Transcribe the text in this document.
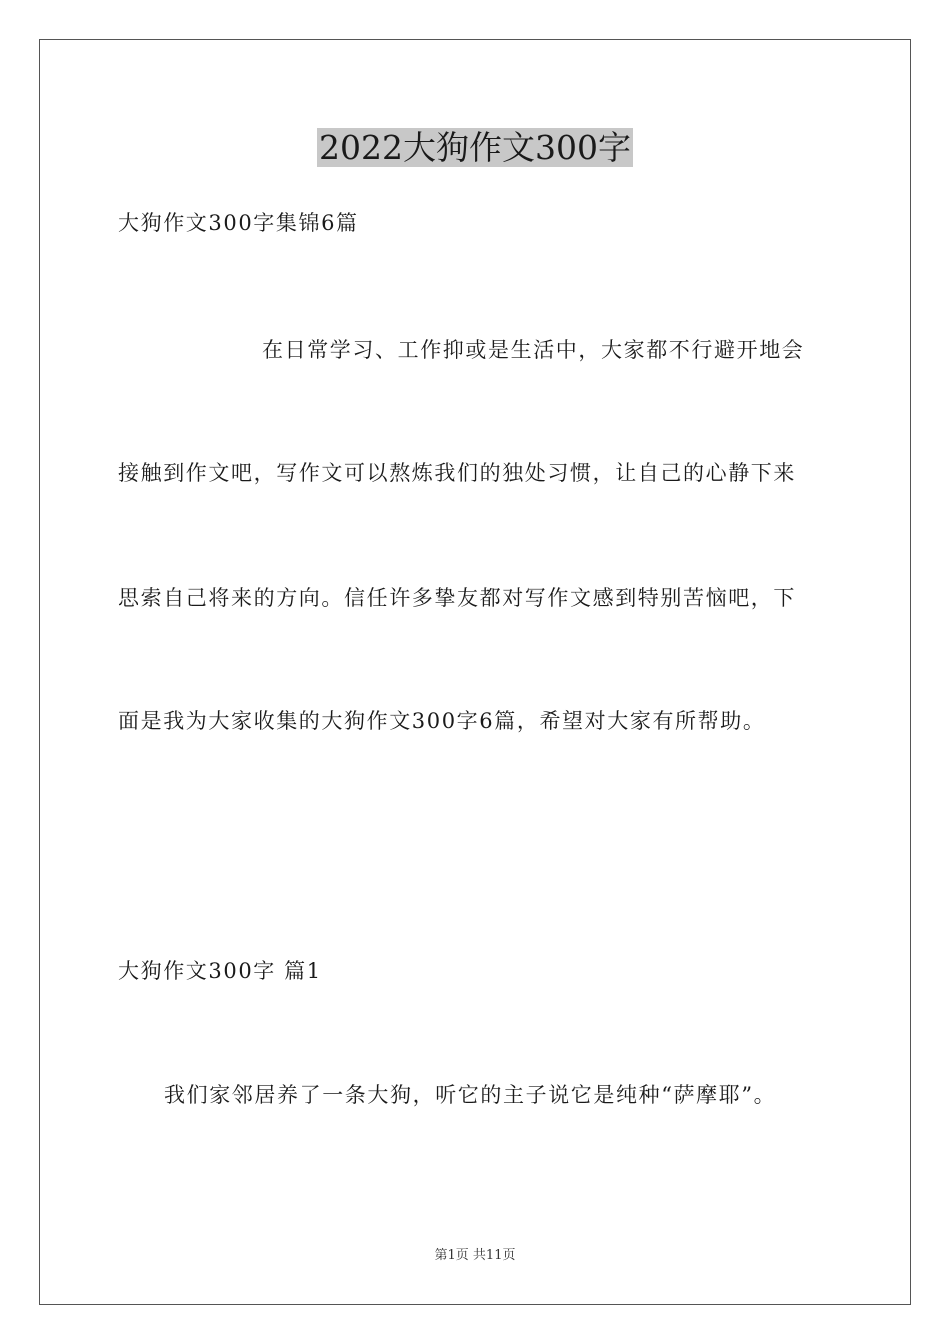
2022大狗作文300字
大狗作文300字集锦6篇
在日常学习、工作抑或是生活中，大家都不行避开地会
接触到作文吧，写作文可以熬炼我们的独处习惯，让自己的心静下来
思索自己将来的方向。信任许多挚友都对写作文感到特别苦恼吧，下
面是我为大家收集的大狗作文300字6篇，希望对大家有所帮助。
大狗作文300字 篇1
我们家邻居养了一条大狗，听它的主子说它是纯种“萨摩耶”。
第1页 共11页
